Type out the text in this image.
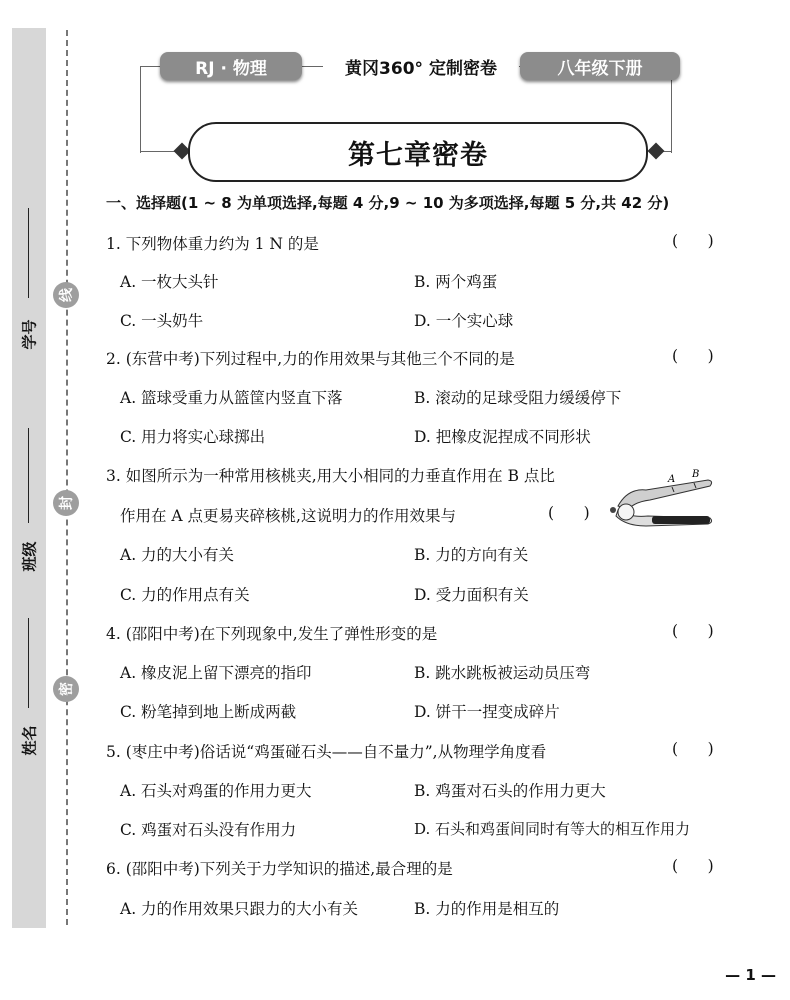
学号
班级
姓名
线
封
密
RJ · 物理	黄冈360° 定制密卷	八年级下册
第七章密卷
一、选择题(1 ~ 8 为单项选择,每题 4 分,9 ~ 10 为多项选择,每题 5 分,共 42 分)
1. 下列物体重力约为 1 N 的是	(      )
A. 一枚大头针	B. 两个鸡蛋
C. 一头奶牛	D. 一个实心球
2. (东营中考)下列过程中,力的作用效果与其他三个不同的是	(      )
A. 篮球受重力从篮筐内竖直下落	B. 滚动的足球受阻力缓缓停下
C. 用力将实心球掷出	D. 把橡皮泥捏成不同形状
3. 如图所示为一种常用核桃夹,用大小相同的力垂直作用在 B 点比
作用在 A 点更易夹碎核桃,这说明力的作用效果与	(      )
A B
A. 力的大小有关	B. 力的方向有关
C. 力的作用点有关	D. 受力面积有关
4. (邵阳中考)在下列现象中,发生了弹性形变的是	(      )
A. 橡皮泥上留下漂亮的指印	B. 跳水跳板被运动员压弯
C. 粉笔掉到地上断成两截	D. 饼干一捏变成碎片
5. (枣庄中考)俗话说“鸡蛋碰石头——自不量力”,从物理学角度看	(      )
A. 石头对鸡蛋的作用力更大	B. 鸡蛋对石头的作用力更大
C. 鸡蛋对石头没有作用力	D. 石头和鸡蛋间同时有等大的相互作用力
6. (邵阳中考)下列关于力学知识的描述,最合理的是	(      )
A. 力的作用效果只跟力的大小有关	B. 力的作用是相互的
— 1 —
